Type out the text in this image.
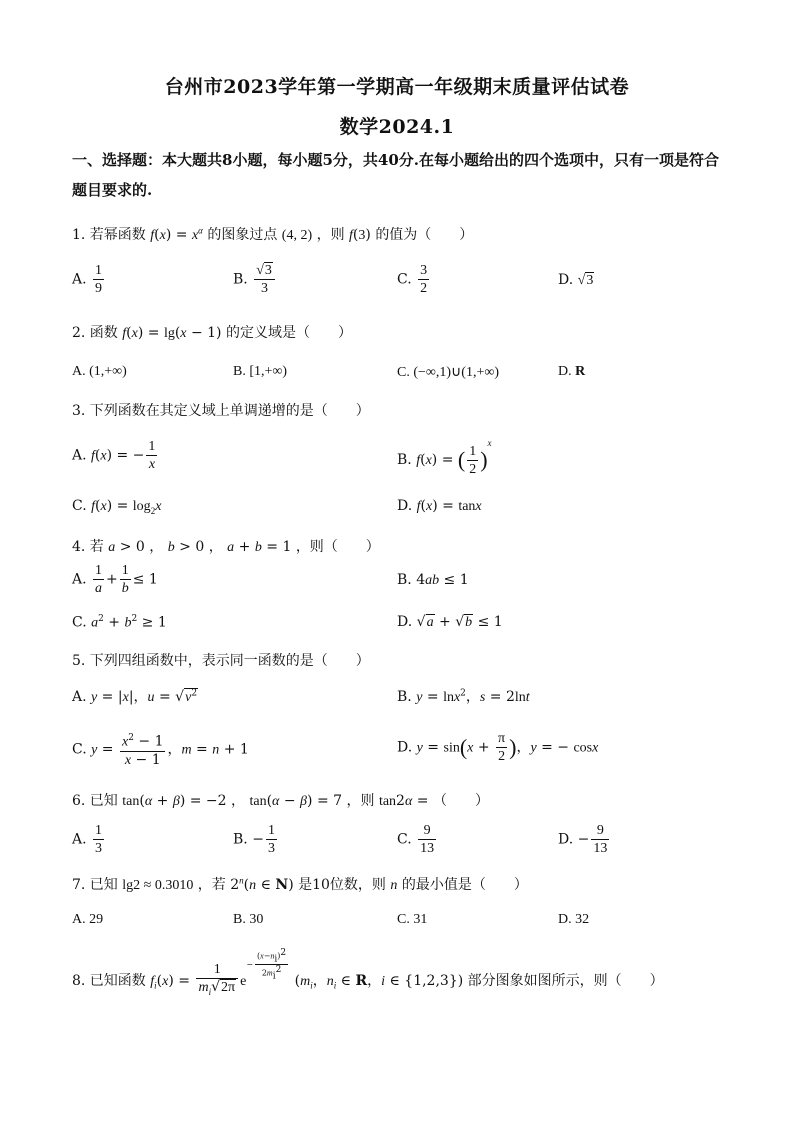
台州市2023学年第一学期高一年级期末质量评估试卷
数学2024.1
一、选择题：本大题共8小题，每小题5分，共40分.在每小题给出的四个选项中，只有一项是符合题目要求的.
1. 若幂函数 $f(x) = x^\alpha$ 的图象过点 (4, 2) ，则 f(3) 的值为（　　）
A. $\frac{1}{9}$	B. $\frac{√3}{3}$	C. $\frac{3}{2}$	D. √3
2. 函数 f(x) = lg(x − 1) 的定义域是（　　）
A. (1,+∞)	B. [1,+∞)	C. (−∞,1)∪(1,+∞)	D. R
3. 下列函数在其定义域上单调递增的是（　　）
A. f(x) = − $\frac{1}{x}$	B. f(x) = ( $\frac{1}{2} )^x$
C. $f(x) = \log_2x$	D. f(x) = tanx
4. 若 a > 0 ， b > 0 ， a + b = 1 ，则（　　）
A. $\frac{1}{a} + \frac{1}{b} \le 1$	B. 4ab ≤ 1
C. $a^2 + b^2 \ge 1$	D. √a + √b ≤ 1
5. 下列四组函数中，表示同一函数的是（　　）
A. y = |x|，$u = √v^2$	B. y = lnx$^2$，s = 2lnt
C. $y = \frac{x^2 - 1}{x - 1}$ ，m = n + 1	D. $y = \sin(x + \frac{\pi}{2}$ )，y = − cosx
6. 已知 tan(α + β) = −2 ， tan(α − β) = 7 ，则 tan2α = （　　）
A. $\frac{1}{3}$	B. − $\frac{1}{3}$	C. $\frac{9}{13}$	D. − $\frac{9}{13}$
7. 已知 lg2 ≈ 0.3010 ，若 2$^n$(n ∈ N) 是10位数，则 n 的最小值是（　　）
A. 29	B. 30	C. 31	D. 32
8. 已知函数 $f_i(x) = \frac{1}{m_i√2\pi} e^{- \frac{(x-n_i)^2}{2m_i^2}}$ ($m_i$，$n_i$ ∈ R，i ∈ {1,2,3}) 部分图象如图所示，则（　　）
